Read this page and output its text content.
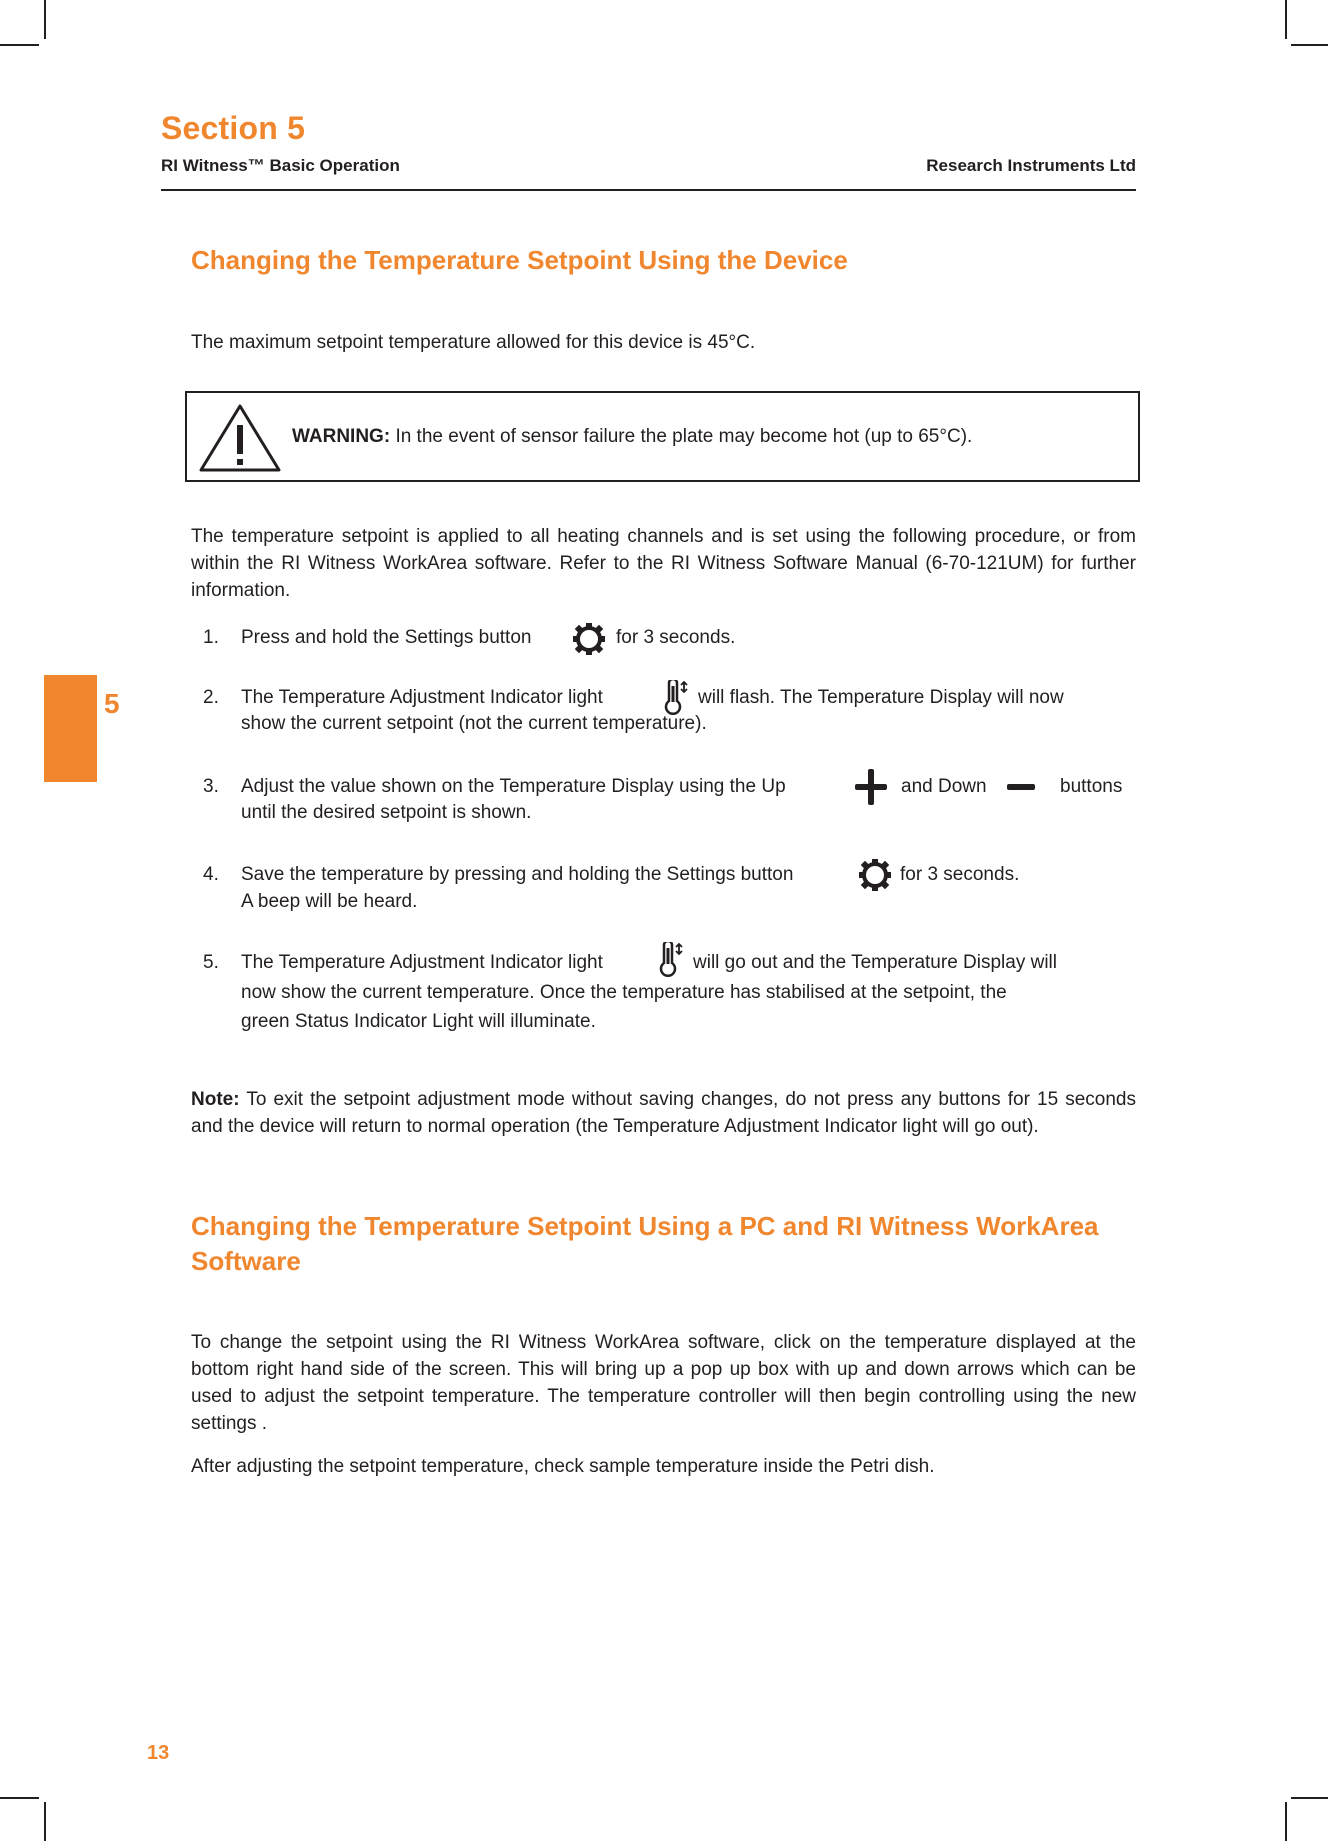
Section 5
RI Witness™ Basic Operation	Research Instruments Ltd
5
Changing the Temperature Setpoint Using the Device
The maximum setpoint temperature allowed for this device is 45°C.
WARNING: In the event of sensor failure the plate may become hot (up to 65°C).
The temperature setpoint is applied to all heating channels and is set using the following procedure, or from within the RI Witness WorkArea software. Refer to the RI Witness Software Manual (6-70-121UM) for further information.
1. Press and hold the Settings button	for 3 seconds.
2. The Temperature Adjustment Indicator light	will flash. The Temperature Display will now
show the current setpoint (not the current temperature).
3. Adjust the value shown on the Temperature Display using the Up	and Down	buttons
until the desired setpoint is shown.
4. Save the temperature by pressing and holding the Settings button	for 3 seconds.
A beep will be heard.
5. The Temperature Adjustment Indicator light	will go out and the Temperature Display will
now show the current temperature. Once the temperature has stabilised at the setpoint, the
green Status Indicator Light will illuminate.
Note: To exit the setpoint adjustment mode without saving changes, do not press any buttons for 15 seconds and the device will return to normal operation (the Temperature Adjustment Indicator light will go out).
Changing the Temperature Setpoint Using a PC and RI Witness WorkArea Software
To change the setpoint using the RI Witness WorkArea software, click on the temperature displayed at the bottom right hand side of the screen. This will bring up a pop up box with up and down arrows which can be used to adjust the setpoint temperature. The temperature controller will then begin controlling using the new settings .
After adjusting the setpoint temperature, check sample temperature inside the Petri dish.
13
